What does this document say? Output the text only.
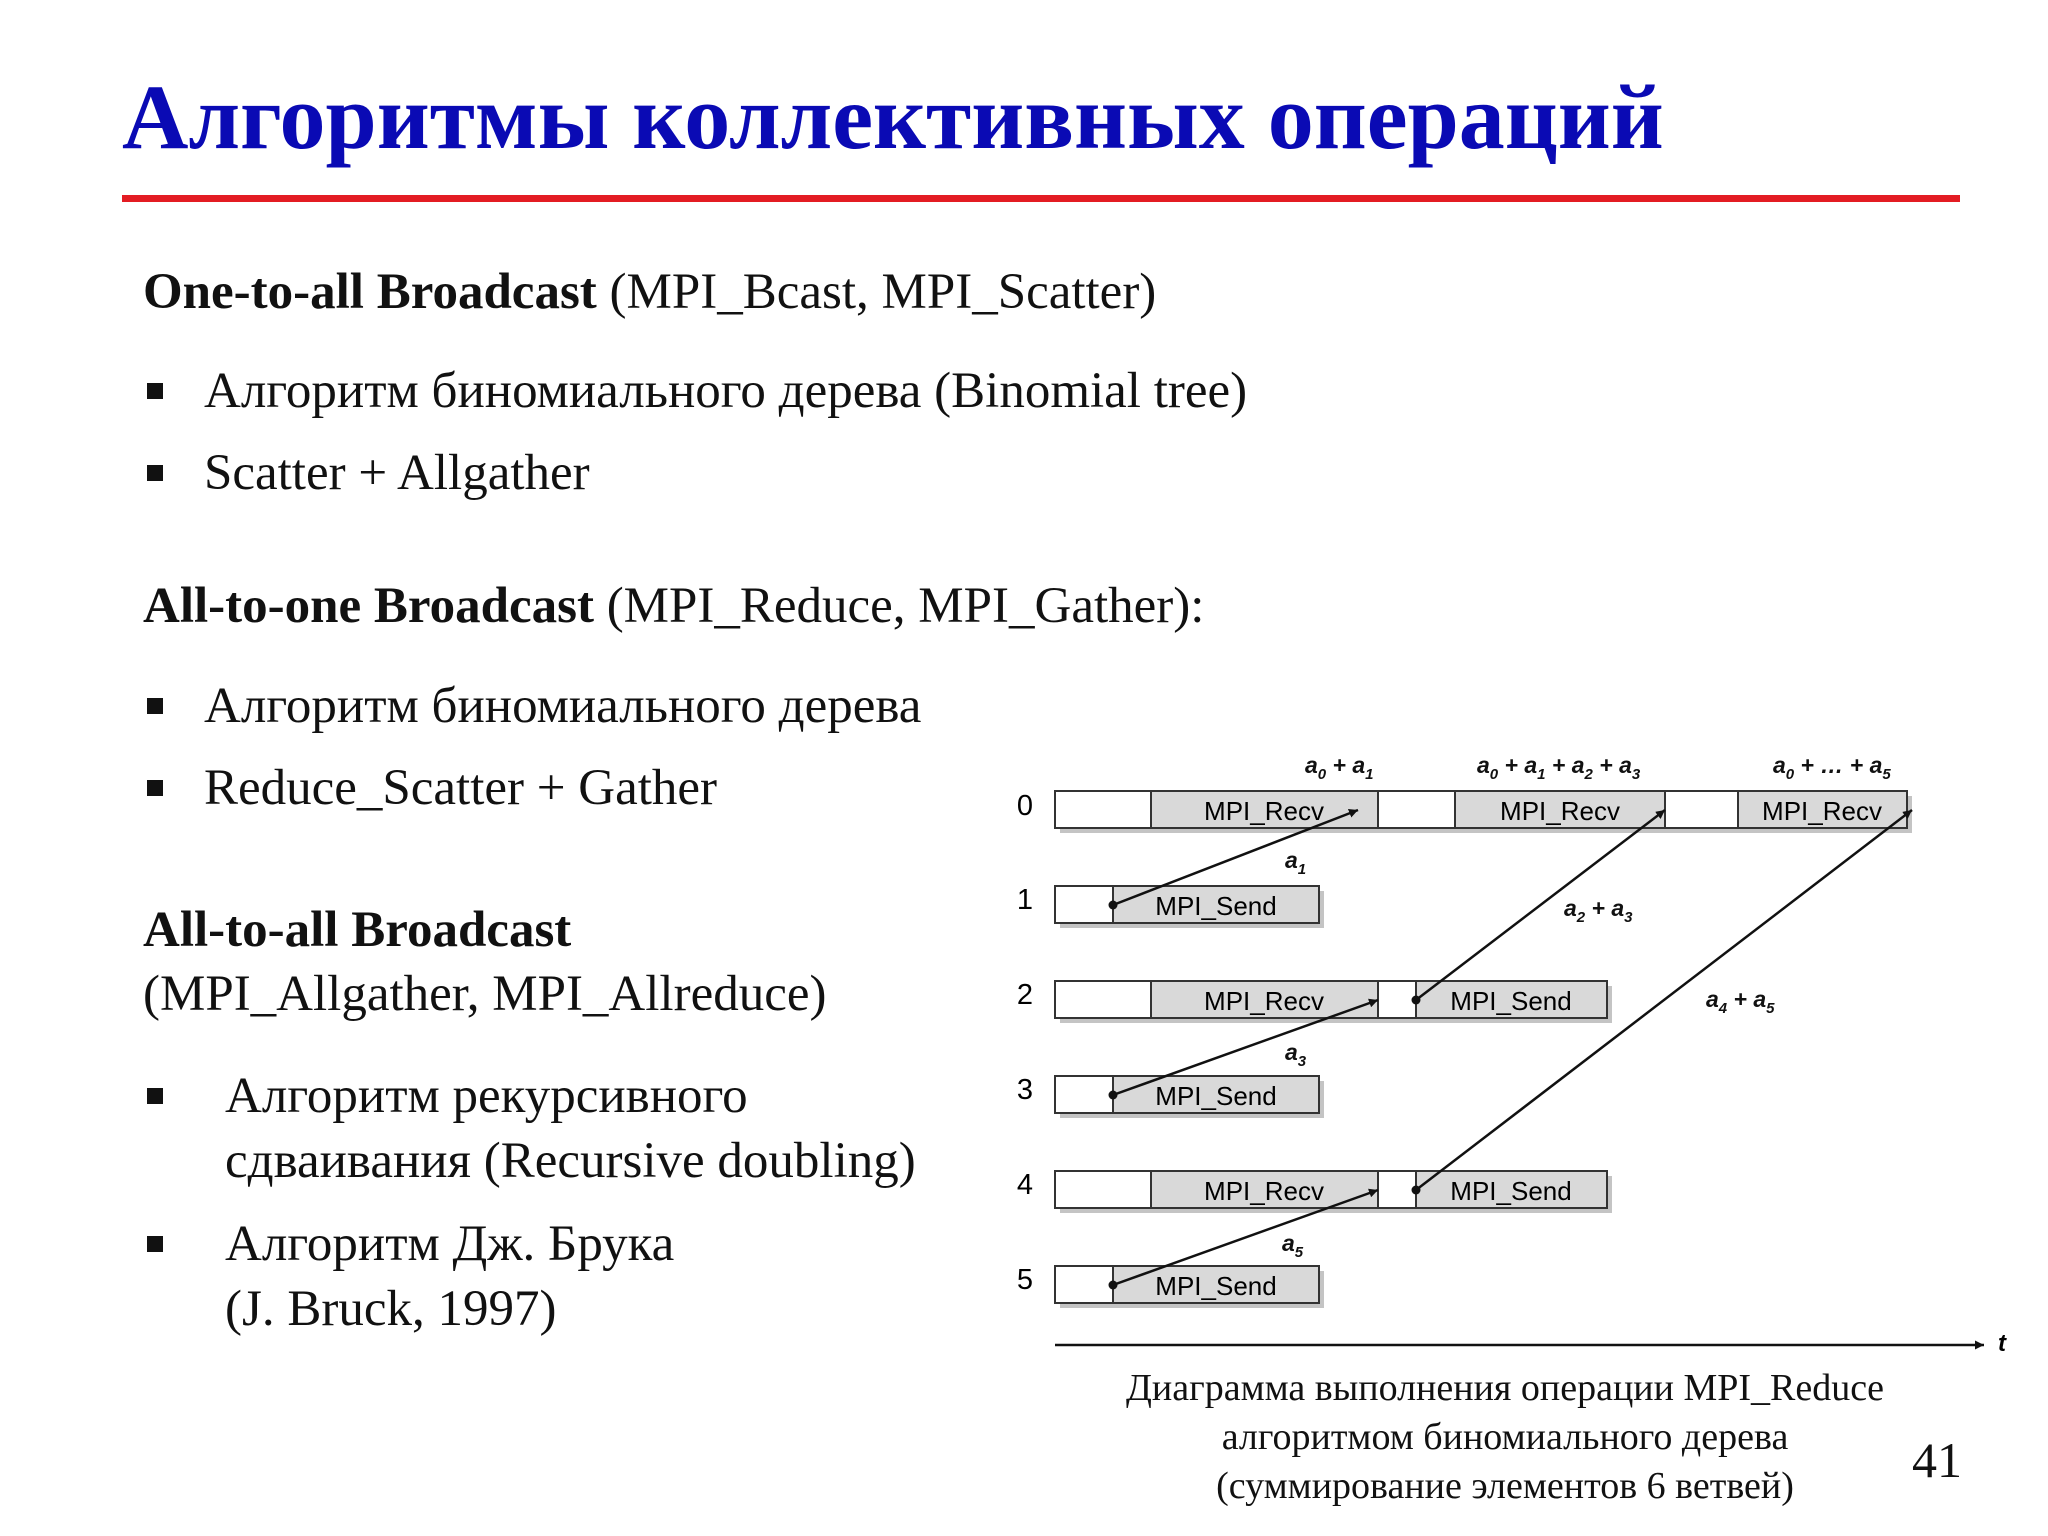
Алгоритмы коллективных операций
One-to-all Broadcast (MPI_Bcast, MPI_Scatter)
Алгоритм биномиального дерева (Binomial tree)
Scatter + Allgather
All-to-one Broadcast (MPI_Reduce, MPI_Gather):
Алгоритм биномиального дерева
Reduce_Scatter + Gather
All-to-all Broadcast
(MPI_Allgather, MPI_Allreduce)
Алгоритм рекурсивного
сдваивания (Recursive doubling)
Алгоритм Дж. Брука
(J. Bruck, 1997)
0
1
2
3
4
5
MPI_Recv	MPI_Recv	MPI_Recv
MPI_Send
MPI_Recv	MPI_Send
MPI_Send
MPI_Recv	MPI_Send
MPI_Send
$a_1$
$a_3$
$a_5$
$a_2 + a_3$
$a_4 + a_5$
$a_0 + a_1$	$a_0 + a_1 + a_2 + a_3$	$a_0$ + … + $a_5$
t
Диаграмма выполнения операции MPI_Reduce
алгоритмом биномиального дерева
(суммирование элементов 6 ветвей)	41
